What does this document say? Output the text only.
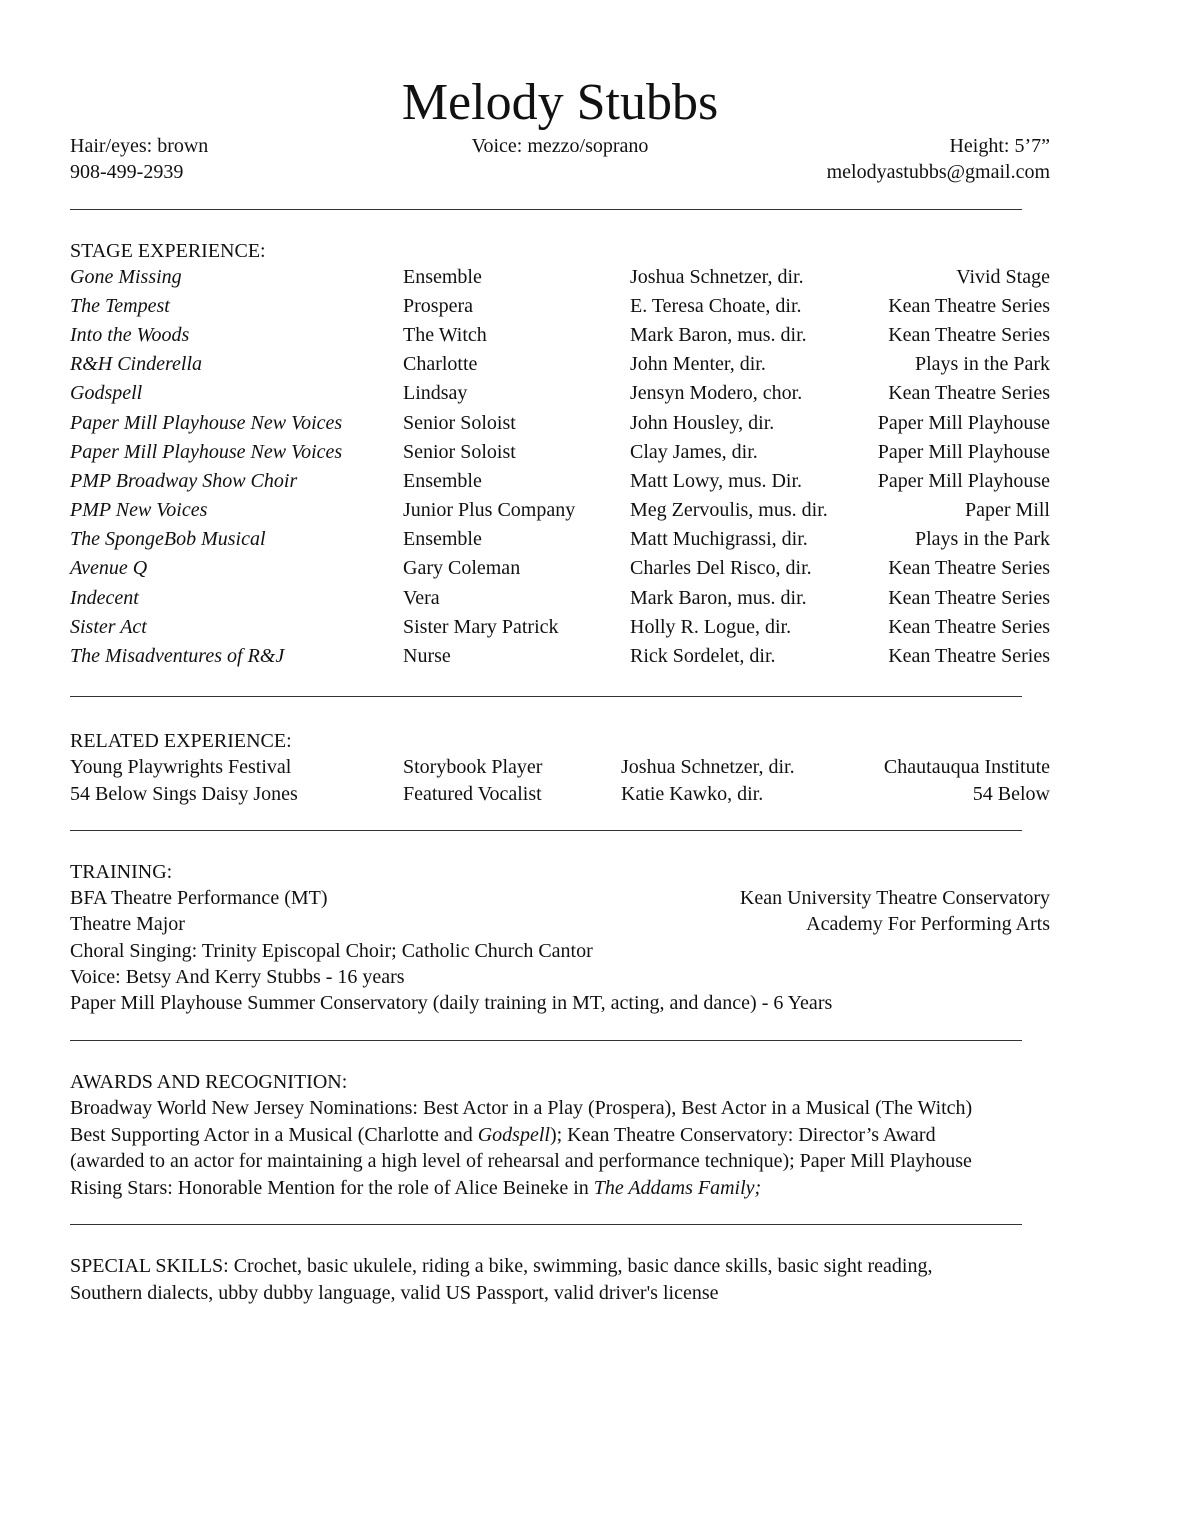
Melody Stubbs
Hair/eyes: brown	Voice: mezzo/soprano	Height: 5’7”
908-499-2939	melodyastubbs@gmail.com
STAGE EXPERIENCE:
Gone Missing	Ensemble	Joshua Schnetzer, dir.	Vivid Stage
The Tempest	Prospera	E. Teresa Choate, dir.	Kean Theatre Series
Into the Woods	The Witch	Mark Baron, mus. dir.	Kean Theatre Series
R&H Cinderella	Charlotte	John Menter, dir.	Plays in the Park
Godspell	Lindsay	Jensyn Modero, chor.	Kean Theatre Series
Paper Mill Playhouse New Voices	Senior Soloist	John Housley, dir.	Paper Mill Playhouse
Paper Mill Playhouse New Voices	Senior Soloist	Clay James, dir.	Paper Mill Playhouse
PMP Broadway Show Choir	Ensemble	Matt Lowy, mus. Dir.	Paper Mill Playhouse
PMP New Voices	Junior Plus Company	Meg Zervoulis, mus. dir.	Paper Mill
The SpongeBob Musical	Ensemble	Matt Muchigrassi, dir.	Plays in the Park
Avenue Q	Gary Coleman	Charles Del Risco, dir.	Kean Theatre Series
Indecent	Vera	Mark Baron, mus. dir.	Kean Theatre Series
Sister Act	Sister Mary Patrick	Holly R. Logue, dir.	Kean Theatre Series
The Misadventures of R&J	Nurse	Rick Sordelet, dir.	Kean Theatre Series
RELATED EXPERIENCE:
Young Playwrights Festival	Storybook Player	Joshua Schnetzer, dir.	Chautauqua Institute
54 Below Sings Daisy Jones	Featured Vocalist	Katie Kawko, dir.	54 Below
TRAINING:
BFA Theatre Performance (MT)	Kean University Theatre Conservatory
Theatre Major	Academy For Performing Arts
Choral Singing: Trinity Episcopal Choir; Catholic Church Cantor
Voice: Betsy And Kerry Stubbs - 16 years
Paper Mill Playhouse Summer Conservatory (daily training in MT, acting, and dance) - 6 Years
AWARDS AND RECOGNITION:
Broadway World New Jersey Nominations: Best Actor in a Play (Prospera), Best Actor in a Musical (The Witch)
Best Supporting Actor in a Musical (Charlotte and Godspell); Kean Theatre Conservatory: Director’s Award
(awarded to an actor for maintaining a high level of rehearsal and performance technique); Paper Mill Playhouse
Rising Stars: Honorable Mention for the role of Alice Beineke in The Addams Family;
SPECIAL SKILLS: Crochet, basic ukulele, riding a bike, swimming, basic dance skills, basic sight reading,
Southern dialects, ubby dubby language, valid US Passport, valid driver's license
